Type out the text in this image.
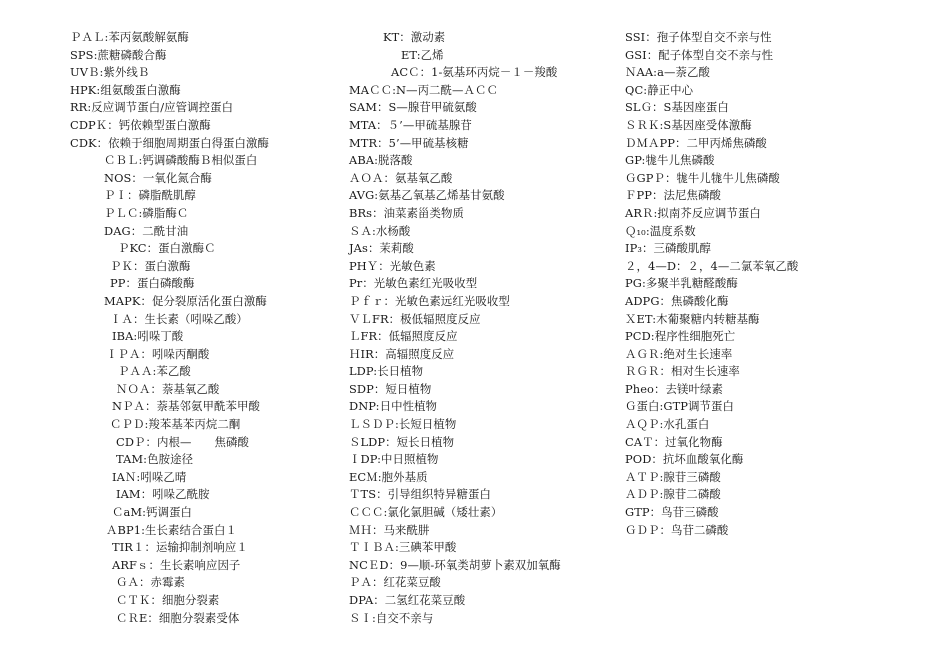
ＰＡＬ:苯丙氨酸解氨酶
SPS:蔗糖磷酸合酶
UVＢ:紫外线Ｂ
HPK:组氨酸蛋白激酶
RR:反应调节蛋白/应管调控蛋白
CDPＫ：钙依赖型蛋白激酶
CDK：依赖于细胞周期蛋白得蛋白激酶
ＣＢＬ:钙调磷酸酶Ｂ相似蛋白
NOS：一氧化氮合酶
ＰＩ：磷脂酰肌醇
ＰＬＣ:磷脂酶Ｃ
DAG：二酰甘油
ＰKC：蛋白激酶Ｃ
ＰＫ：蛋白激酶
PP：蛋白磷酸酶
MAPK：促分裂原活化蛋白激酶
ＩＡ：生长素（吲哚乙酸）
IBA:吲哚丁酸
ＩＰＡ：吲哚丙酮酸
ＰＡＡ:苯乙酸
ＮＯＡ：萘基氧乙酸
NＰＡ：萘基邻氨甲酰苯甲酸
ＣＰＤ:羧苯基苯丙烷二酮
CDＰ：内根—　　焦磷酸
TAM:色胺途径
IAＮ:吲哚乙晴
IAM：吲哚乙酰胺
ＣaM:钙调蛋白
ＡBP1:生长素结合蛋白１
TIR１：运输抑制剂响应１
ARFｓ：生长素响应因子
ＧＡ：赤霉素
ＣＴＫ：细胞分裂素
ＣＲE：细胞分裂素受体
KT：激动素
ET:乙烯
ACＣ：1-氨基环丙烷－１－羧酸
MAＣＣ:N—丙二酰—ＡＣＣ
SAM：S—腺苷甲硫氨酸
MTA：５’—甲硫基腺苷
MTR：5’—甲硫基核糖
ABA:脱落酸
ＡＯＡ：氨基氧乙酸
AVG:氨基乙氧基乙烯基甘氨酸
BRs：油菜素甾类物质
ＳＡ:水杨酸
JAs：茉莉酸
PHＹ：光敏色素
Pr：光敏色素红光吸收型
Ｐｆｒ：光敏色素远红光吸收型
ＶＬFR：极低辐照度反应
ＬFR：低辐照度反应
ＨIR：高辐照度反应
LDP:长日植物
SDP：短日植物
DNP:日中性植物
ＬＳＤＰ:长短日植物
ＳLDP：短长日植物
ＩDP:中日照植物
ECＭ:胞外基质
ＴTS：引导组织特异糖蛋白
ＣＣＣ:氯化氯胆碱（矮壮素）
ＭＨ：马来酰肼
ＴＩＢＡ:三碘苯甲酸
NCＥD：9—顺-环氧类胡萝卜素双加氧酶
ＰＡ：红花菜豆酸
DPA：二氢红花菜豆酸
ＳＩ:自交不亲与
SSI：孢子体型自交不亲与性
GSI：配子体型自交不亲与性
ＮAA:a—萘乙酸
QC:静正中心
SLＧ：S基因座蛋白
ＳＲＫ:S基因座受体激酶
ＤＭＡPP：二甲丙烯焦磷酸
GP:牻牛儿焦磷酸
ＧGPＰ：牻牛儿牻牛儿焦磷酸
ＦPP：法尼焦磷酸
ARＲ:拟南芥反应调节蛋白
Ｑ₁₀:温度系数
IP₃：三磷酸肌醇
２，4—D：２，4—二氯苯氧乙酸
PG:多聚半乳糖醛酸酶
ADPG：焦磷酸化酶
ＸET:木葡聚糖内转糖基酶
PCD:程序性细胞死亡
ＡＧＲ:绝对生长速率
ＲＧＲ：相对生长速率
Pheo：去镁叶绿素
Ｇ蛋白:GTP调节蛋白
ＡＱＰ:水孔蛋白
CAＴ：过氧化物酶
POD：抗坏血酸氧化酶
ＡＴＰ:腺苷三磷酸
ＡＤＰ:腺苷二磷酸
GTP：鸟苷三磷酸
ＧＤＰ：鸟苷二磷酸
